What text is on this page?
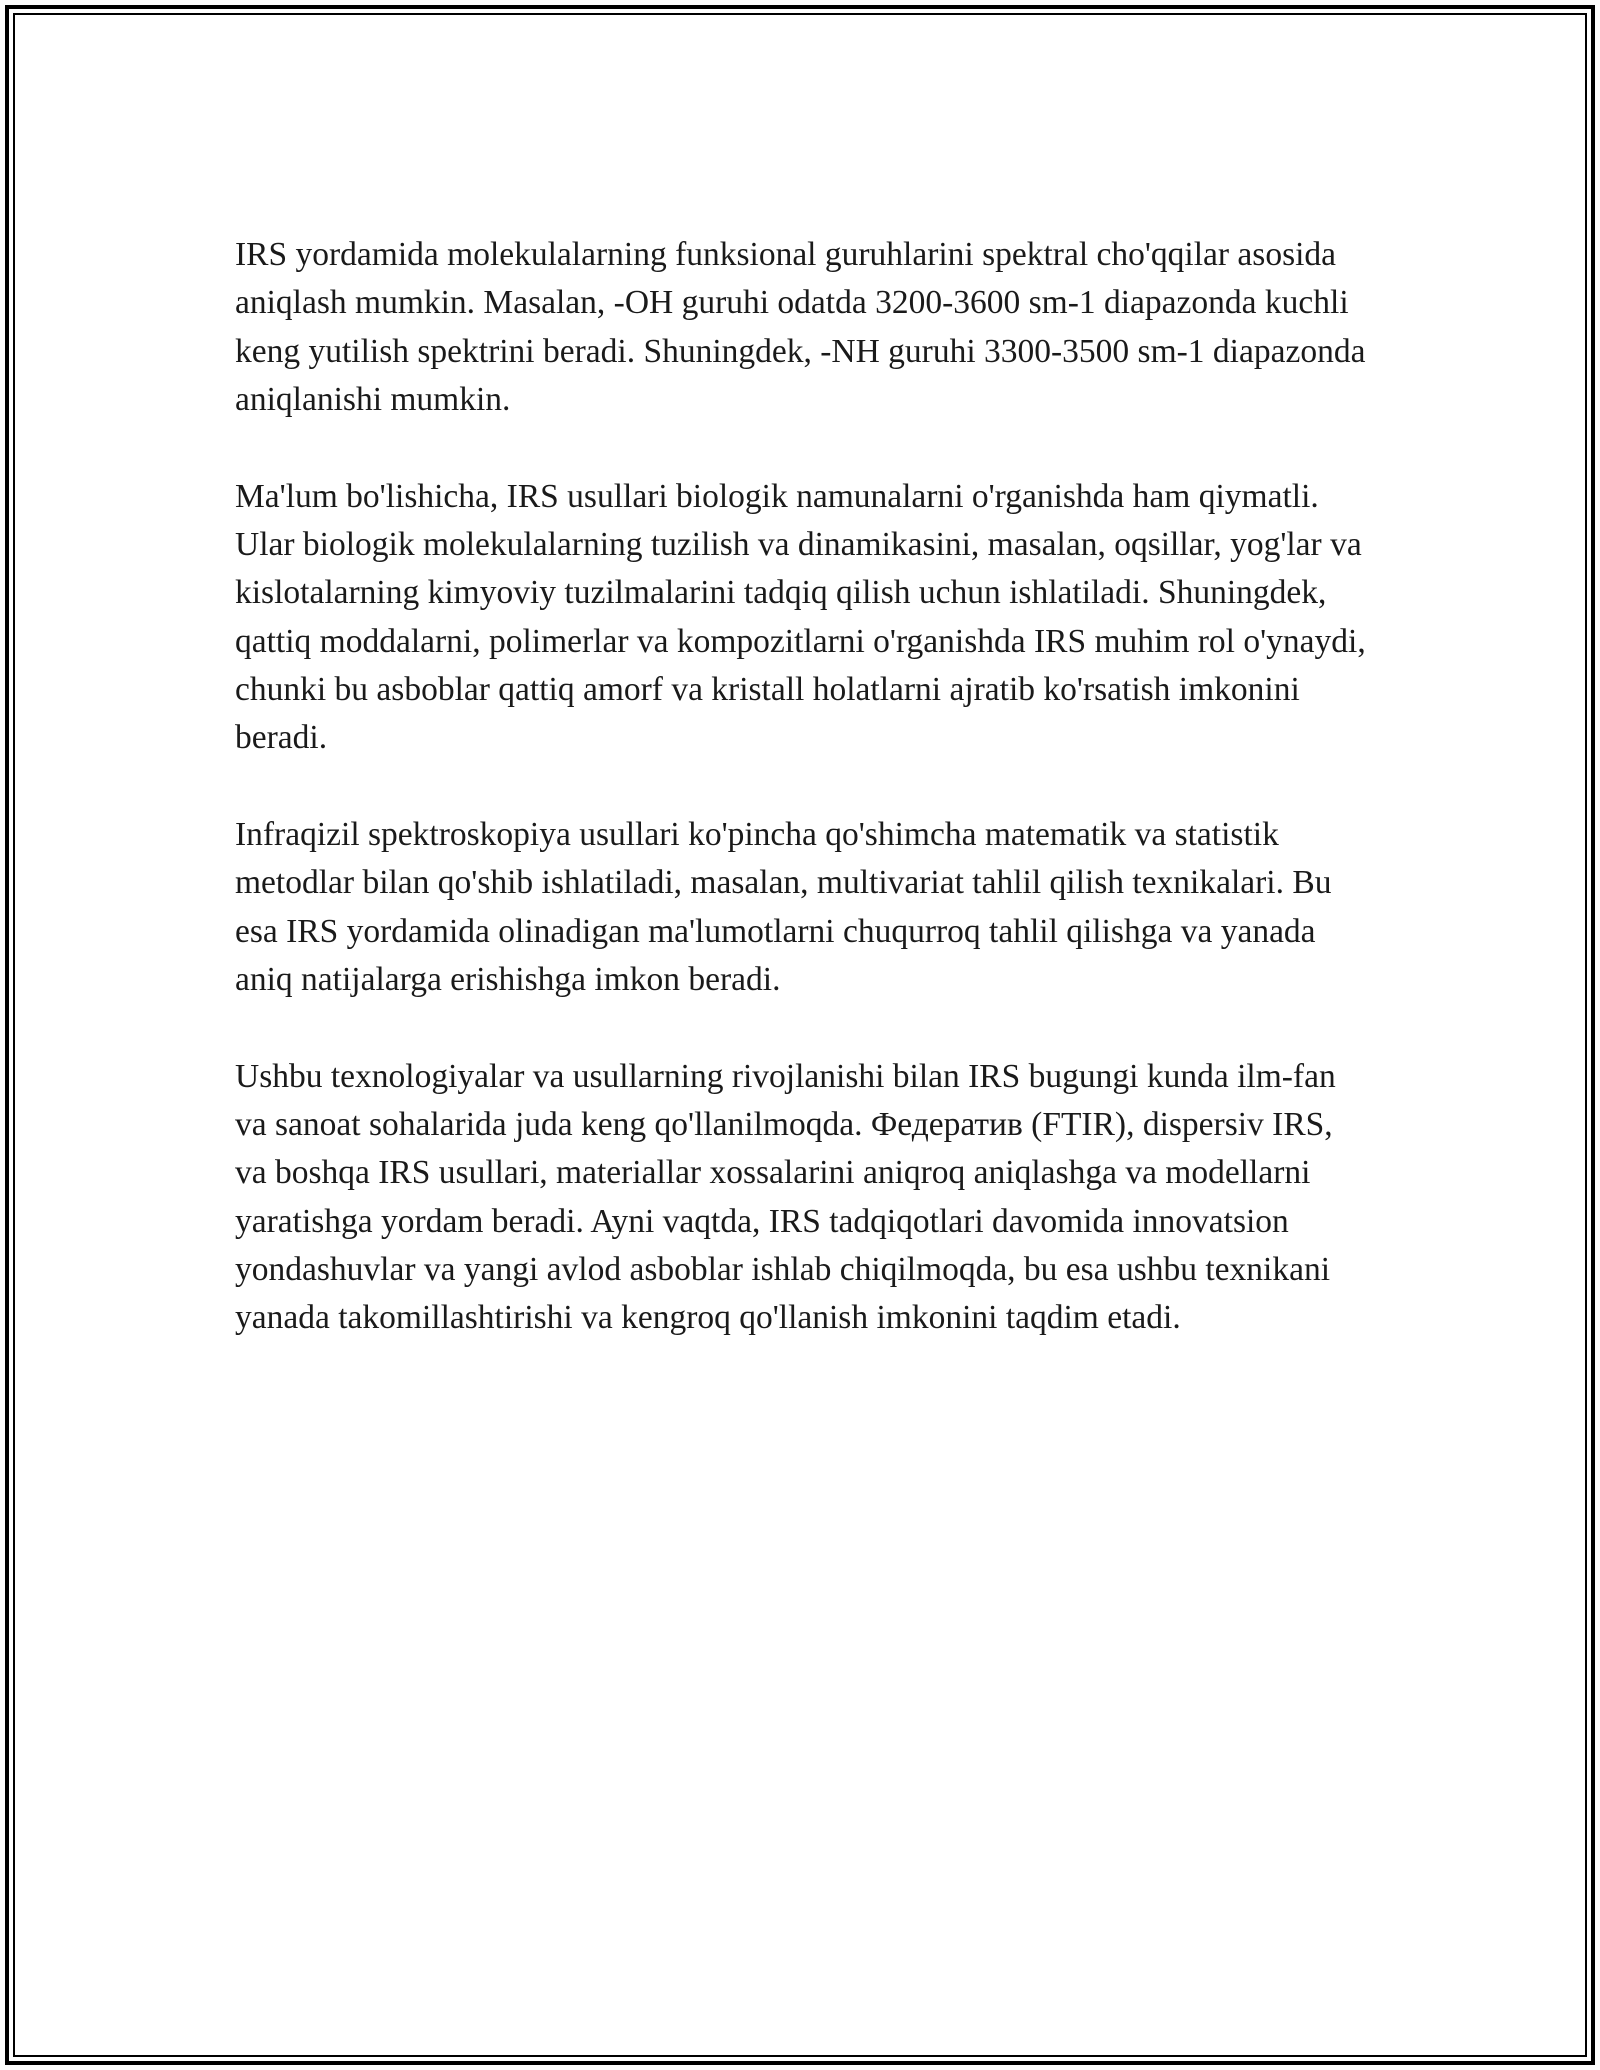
IRS yordamida molekulalarning funksional guruhlarini spektral cho'qqilar asosida aniqlash mumkin. Masalan, -OH guruhi odatda 3200-3600 sm-1 diapazonda kuchli keng yutilish spektrini beradi. Shuningdek, -NH guruhi 3300-3500 sm-1 diapazonda aniqlanishi mumkin.

Ma'lum bo'lishicha, IRS usullari biologik namunalarni o'rganishda ham qiymatli. Ular biologik molekulalarning tuzilish va dinamikasini, masalan, oqsillar, yog'lar va kislotalarning kimyoviy tuzilmalarini tadqiq qilish uchun ishlatiladi. Shuningdek, qattiq moddalarni, polimerlar va kompozitlarni o'rganishda IRS muhim rol o'ynaydi, chunki bu asboblar qattiq amorf va kristall holatlarni ajratib ko'rsatish imkonini beradi.

Infraqizil spektroskopiya usullari ko'pincha qo'shimcha matematik va statistik metodlar bilan qo'shib ishlatiladi, masalan, multivariat tahlil qilish texnikalari. Bu esa IRS yordamida olinadigan ma'lumotlarni chuqurroq tahlil qilishga va yanada aniq natijalarga erishishga imkon beradi.

Ushbu texnologiyalar va usullarning rivojlanishi bilan IRS bugungi kunda ilm-fan va sanoat sohalarida juda keng qo'llanilmoqda. Федератив (FTIR), dispersiv IRS, va boshqa IRS usullari, materiallar xossalarini aniqroq aniqlashga va modellarni yaratishga yordam beradi. Ayni vaqtda, IRS tadqiqotlari davomida innovatsion yondashuvlar va yangi avlod asboblar ishlab chiqilmoqda, bu esa ushbu texnikani yanada takomillashtirishi va kengroq qo'llanish imkonini taqdim etadi.
